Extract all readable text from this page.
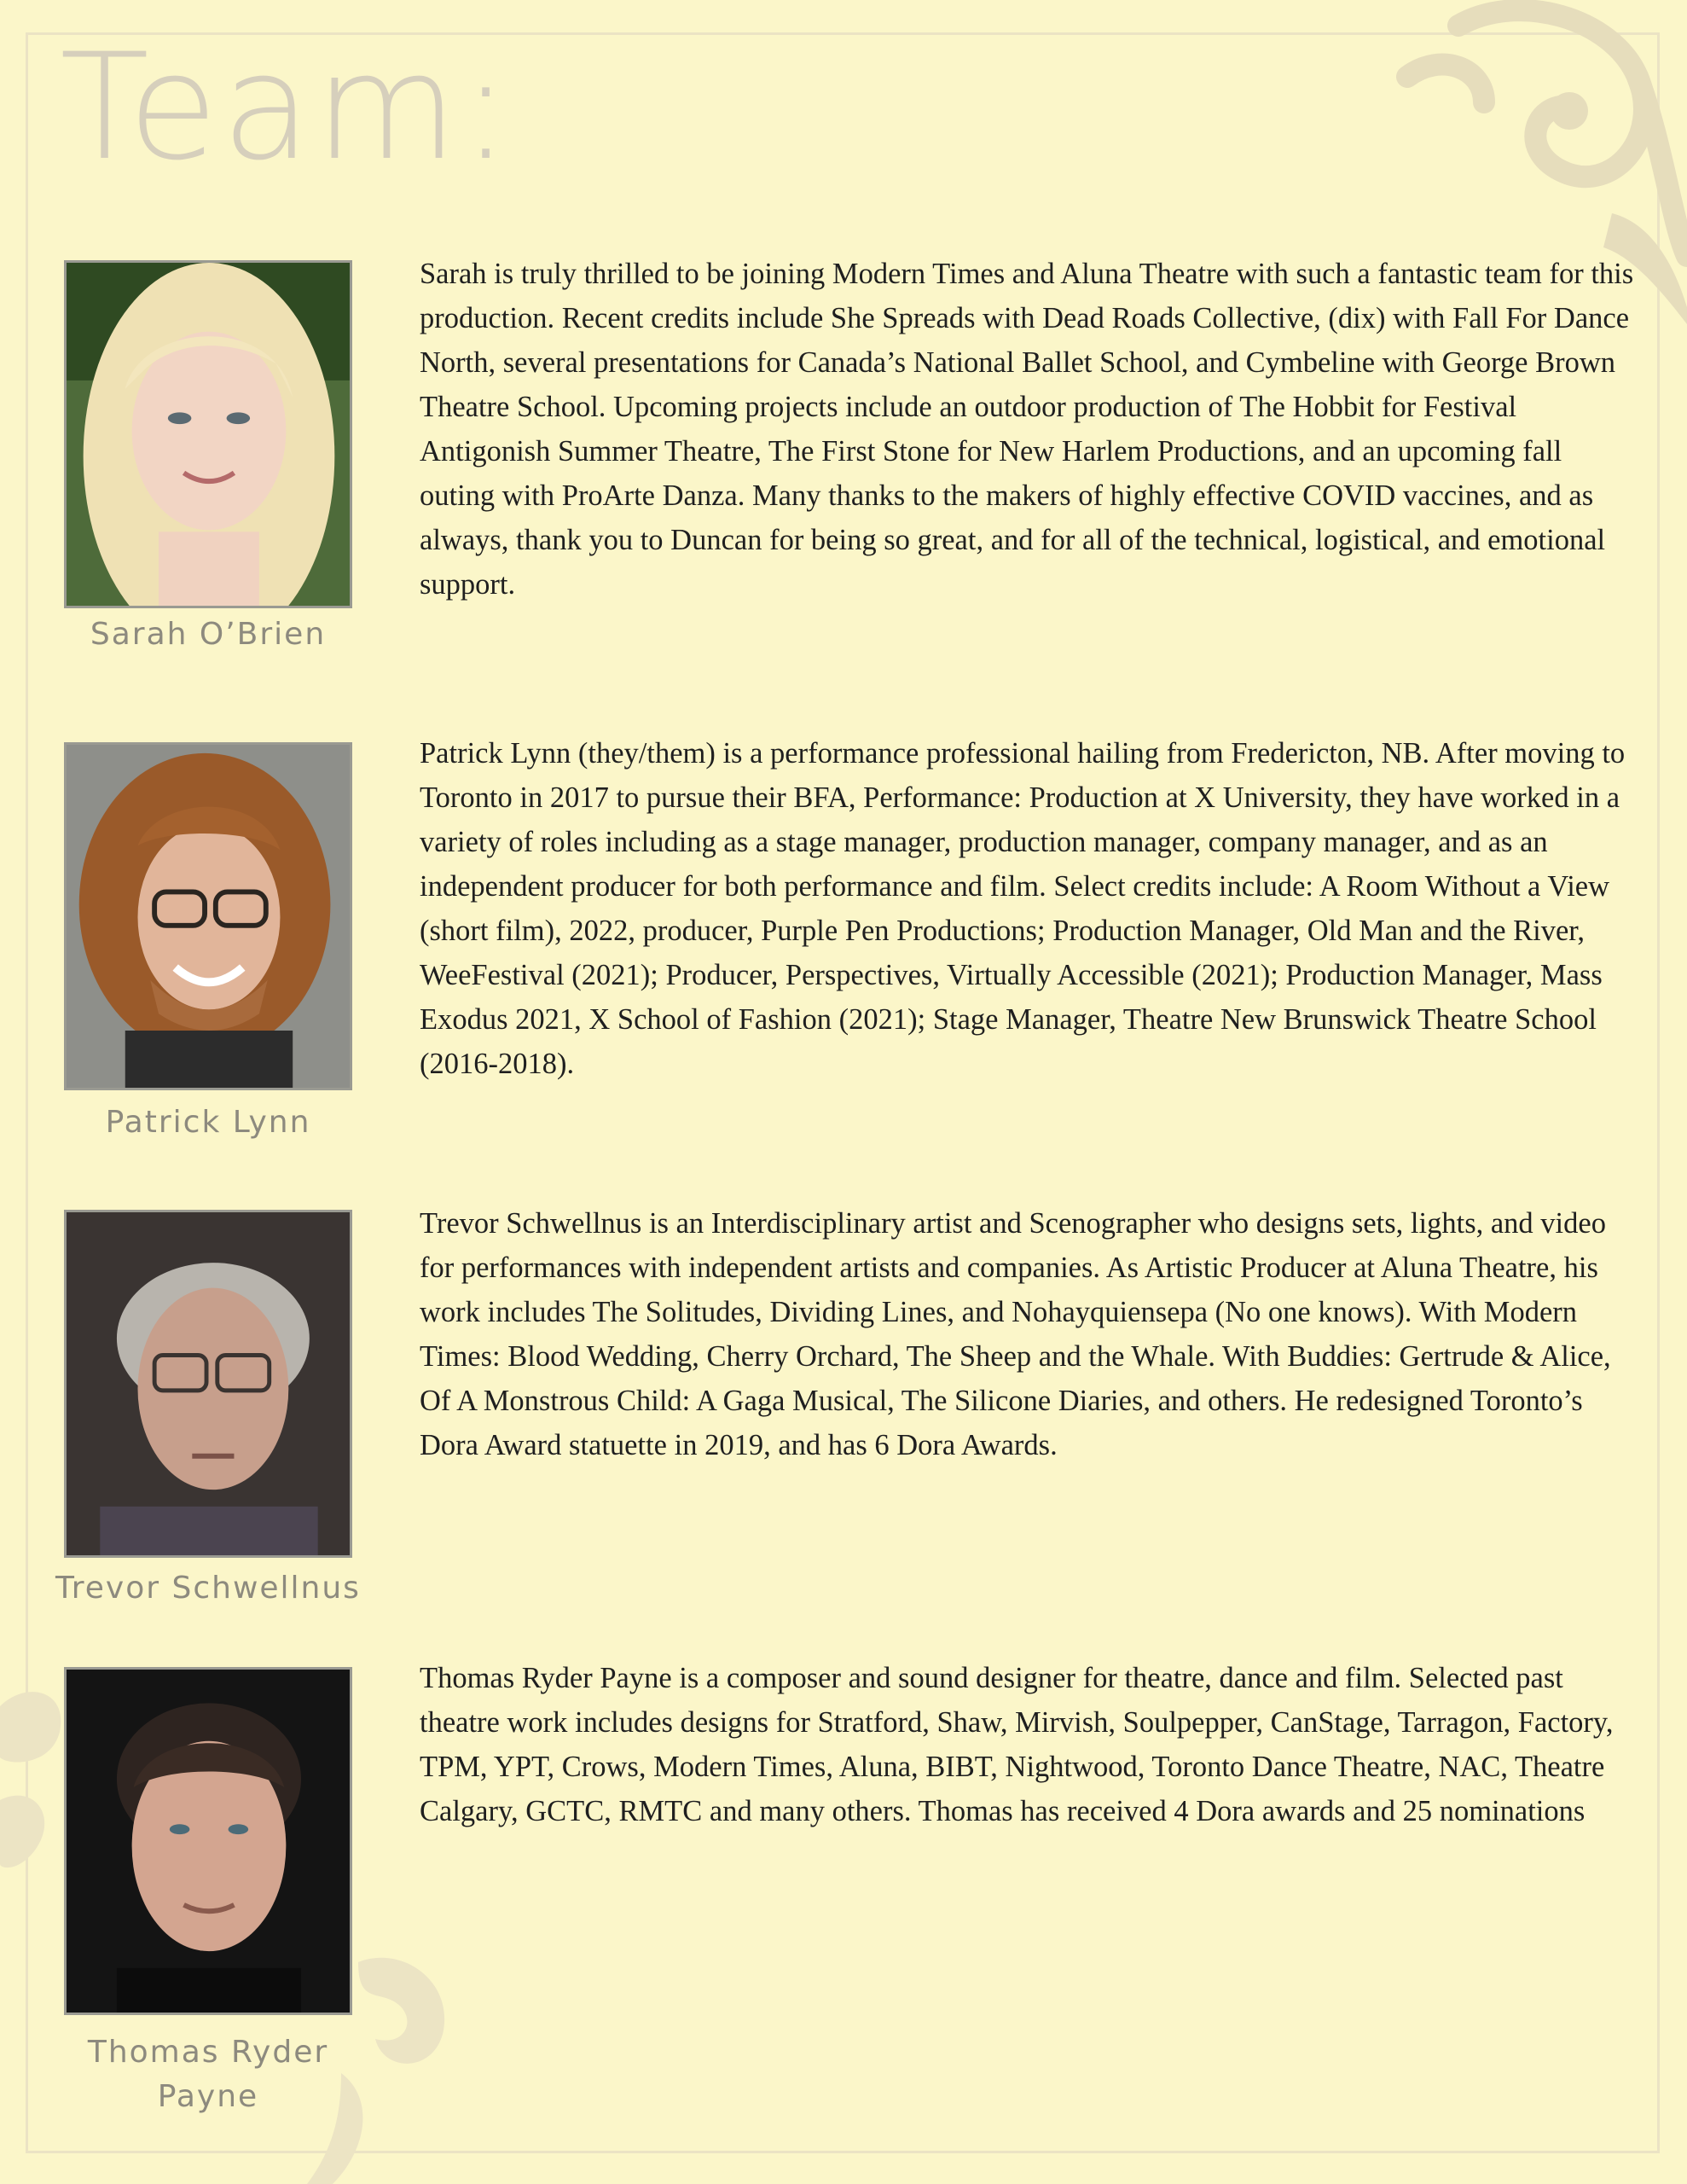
Team:
Sarah O’Brien

Sarah is truly thrilled to be joining Modern Times and Aluna Theatre with such a fantastic team for this production. Recent credits include She Spreads with Dead Roads Collective, (dix) with Fall For Dance North, several presentations for Canada’s National Ballet School, and Cymbeline with George Brown Theatre School. Upcoming projects include an outdoor production of The Hobbit for Festival Antigonish Summer Theatre, The First Stone for New Harlem Productions, and an upcoming fall outing with ProArte Danza. Many thanks to the makers of highly effective COVID vaccines, and as always, thank you to Duncan for being so great, and for all of the technical, logistical, and emotional support.

Patrick Lynn

Patrick Lynn (they/them) is a performance professional hailing from Fredericton, NB. After moving to Toronto in 2017 to pursue their BFA, Performance: Production at X University, they have worked in a variety of roles including as a stage manager, production manager, company manager, and as an independent producer for both performance and film. Select credits include: A Room Without a View (short film), 2022, producer, Purple Pen Productions; Production Manager, Old Man and the River, WeeFestival (2021); Producer, Perspectives, Virtually Accessible (2021); Production Manager, Mass Exodus 2021, X School of Fashion (2021); Stage Manager, Theatre New Brunswick Theatre School (2016-2018).

Trevor Schwellnus

Trevor Schwellnus is an Interdisciplinary artist and Scenographer who designs sets, lights, and video for performances with independent artists and companies. As Artistic Producer at Aluna Theatre, his work includes The Solitudes, Dividing Lines, and Nohayquiensepa (No one knows). With Modern Times: Blood Wedding, Cherry Orchard, The Sheep and the Whale. With Buddies: Gertrude & Alice, Of A Monstrous Child: A Gaga Musical, The Silicone Diaries, and others. He redesigned Toronto’s Dora Award statuette in 2019, and has 6 Dora Awards.

Thomas Ryder Payne

Thomas Ryder Payne is a composer and sound designer for theatre, dance and film. Selected past theatre work includes designs for Stratford, Shaw, Mirvish, Soulpepper, CanStage, Tarragon, Factory, TPM, YPT, Crows, Modern Times, Aluna, BIBT, Nightwood, Toronto Dance Theatre, NAC, Theatre Calgary, GCTC, RMTC and many others. Thomas has received 4 Dora awards and 25 nominations
